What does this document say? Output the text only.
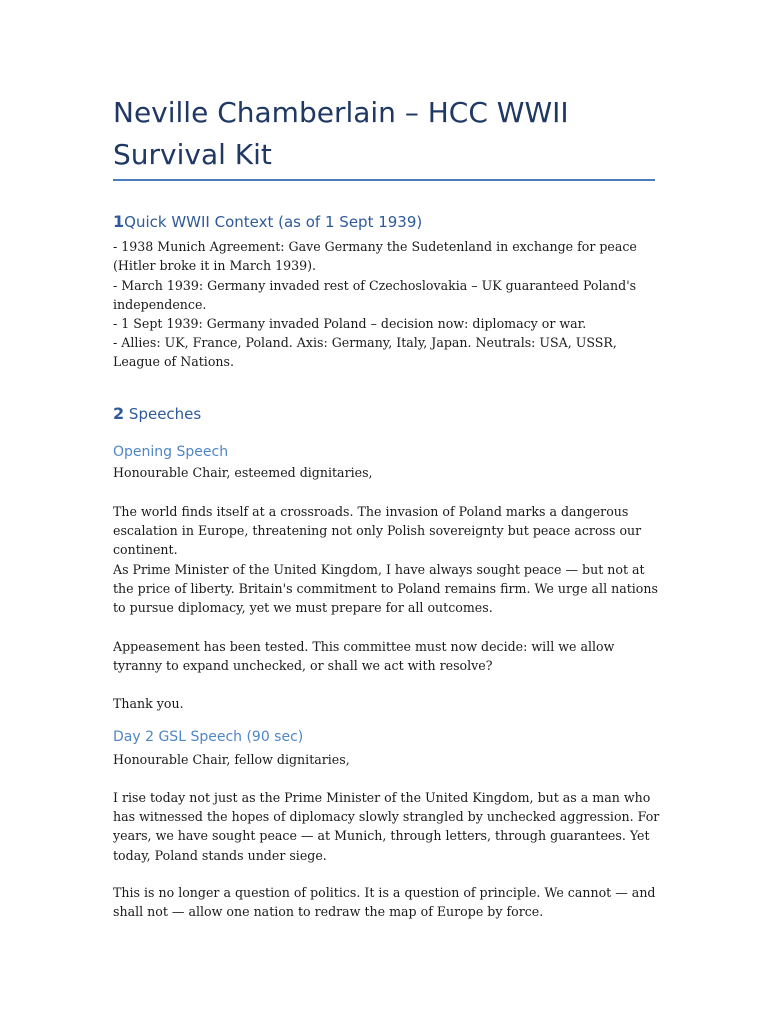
Neville Chamberlain – HCC WWII Survival Kit
1Quick WWII Context (as of 1 Sept 1939)

- 1938 Munich Agreement: Gave Germany the Sudetenland in exchange for peace (Hitler broke it in March 1939).

- March 1939: Germany invaded rest of Czechoslovakia – UK guaranteed Poland's independence.

- 1 Sept 1939: Germany invaded Poland – decision now: diplomacy or war.

- Allies: UK, France, Poland. Axis: Germany, Italy, Japan. Neutrals: USA, USSR, League of Nations.

2 Speeches
Opening Speech

Honourable Chair, esteemed dignitaries,

The world finds itself at a crossroads. The invasion of Poland marks a dangerous escalation in Europe, threatening not only Polish sovereignty but peace across our continent.

As Prime Minister of the United Kingdom, I have always sought peace — but not at the price of liberty. Britain's commitment to Poland remains firm. We urge all nations to pursue diplomacy, yet we must prepare for all outcomes.

Appeasement has been tested. This committee must now decide: will we allow tyranny to expand unchecked, or shall we act with resolve?

Thank you.

Day 2 GSL Speech (90 sec)

Honourable Chair, fellow dignitaries,

I rise today not just as the Prime Minister of the United Kingdom, but as a man who has witnessed the hopes of diplomacy slowly strangled by unchecked aggression. For years, we have sought peace — at Munich, through letters, through guarantees. Yet today, Poland stands under siege.

This is no longer a question of politics. It is a question of principle. We cannot — and shall not — allow one nation to redraw the map of Europe by force.
